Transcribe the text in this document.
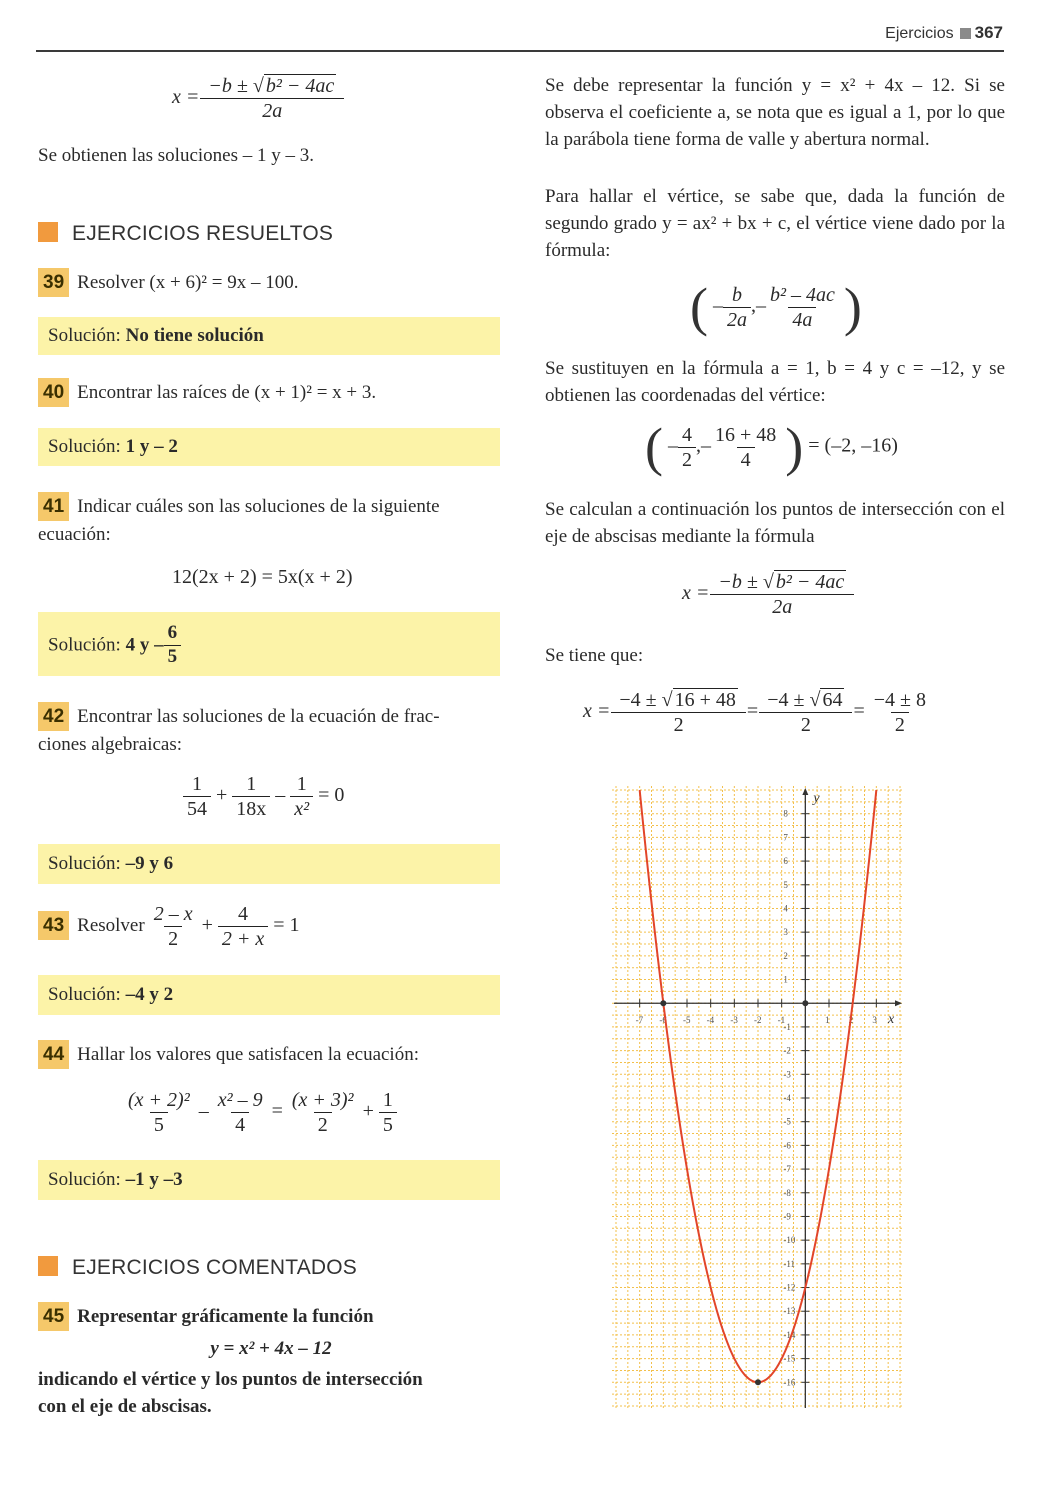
Ejercicios 367
$x = \frac{\text{−b ± √ b² − 4ac}}{2a}$
Se obtienen las soluciones – 1 y – 3.
EJERCICIOS RESUELTOS
39 Resolver (x + 6)² = 9x – 100.
Solución: No tiene solución
40 Encontrar las raíces de (x + 1)² = x + 3.
Solución: 1 y – 2
41 Indicar cuáles son las soluciones de la siguiente
ecuación:
12(2x + 2) = 5x(x + 2)
Solución: 4 y – $\frac{6}{5}$
42 Encontrar las soluciones de la ecuación de frac-
ciones algebraicas:
$\frac{1}{54} + \frac{1}{18x} - \frac{1}{\text{x²}} = 0$
Solución: –9 y 6
43 Resolver $\frac{2 - x}{2} + \frac{4}{2 + x} = 1$
Solución: –4 y 2
44 Hallar los valores que satisfacen la ecuación:
$\frac{\text{(x + 2)²}}{5} - \frac{\text{x² – 9}}{4} = \frac{\text{(x + 3)²}}{2} + \frac{1}{5}$
Solución: –1 y –3
EJERCICIOS COMENTADOS
45 Representar gráficamente la función
y = x² + 4x – 12
indicando el vértice y los puntos de intersección
con el eje de abscisas.
Se debe representar la función y = x² + 4x – 12. Si se observa el coeficiente a, se nota que es igual a 1, por lo que la parábola tiene forma de valle y abertura normal.
Para hallar el vértice, se sabe que, dada la función de segundo grado y = ax² + bx + c, el vértice viene dado por la fórmula:
( – $\frac{b}{2a}$ ,– $\frac{\text{b² – 4ac}}{4a}$ )
Se sustituyen en la fórmula a = 1, b = 4 y c = –12, y se obtienen las coordenadas del vértice:
( – $\frac{4}{2}$ ,– $\frac{16 + 48}{4}$ ) = (–2, –16)
Se calculan a continuación los puntos de intersección con el eje de abscisas mediante la fórmula
$x = \frac{\text{−b ± √ b² − 4ac}}{2a}$
Se tiene que:
$x = \frac{-4 \pm √ 16 + 48}{2} = \frac{-4 \pm √ 64}{2} = \frac{-4 \pm 8}{2}$
x
y
-7 -6 -5 -4 -3 -2 -1	1 2 3
8
7
6
5
4
3
2
1
-1
-2
-3
-4
-5
-6
-7
-8
-9
-10
-11
-12
-13
-14
-15
-16
